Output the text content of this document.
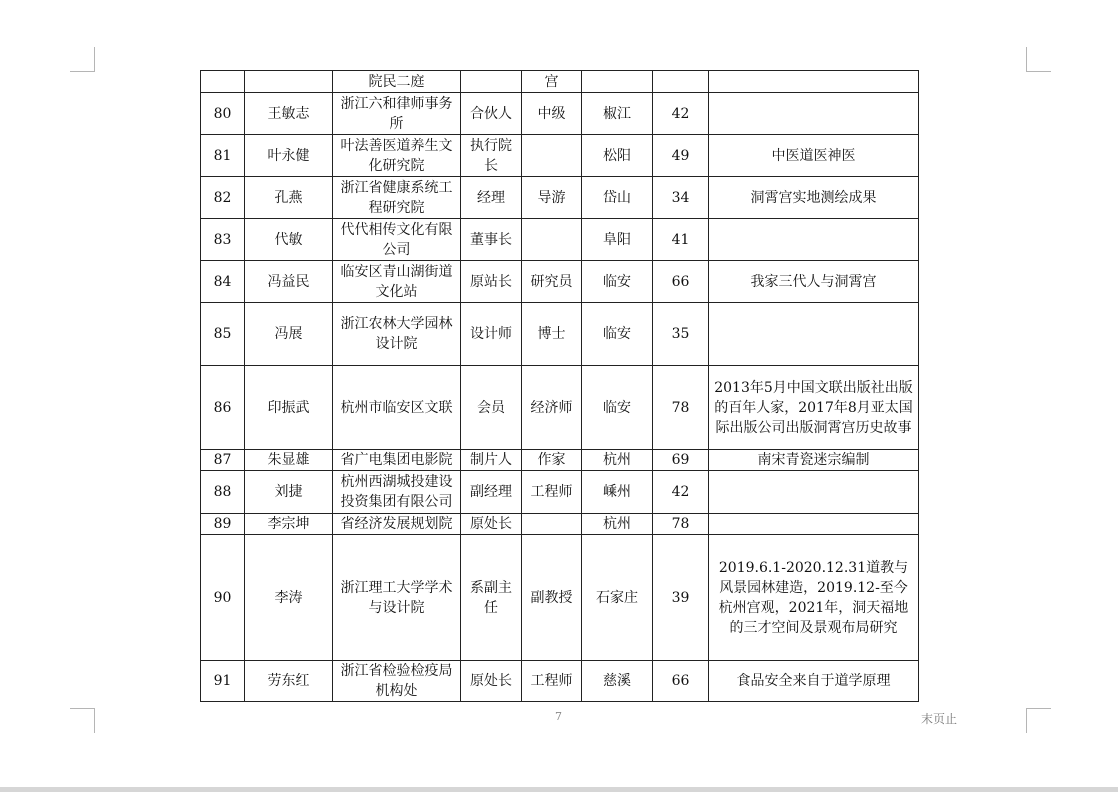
		院民二庭		宫			
80	王敏志	浙江六和律师事务所	合伙人	中级	椒江	42	
81	叶永健	叶法善医道养生文化研究院	执行院长		松阳	49	中医道医神医
82	孔燕	浙江省健康系统工程研究院	经理	导游	岱山	34	洞霄宫实地测绘成果
83	代敏	代代相传文化有限公司	董事长		阜阳	41	
84	冯益民	临安区青山湖街道文化站	原站长	研究员	临安	66	我家三代人与洞霄宫
85	冯展	浙江农林大学园林设计院	设计师	博士	临安	35	
86	印振武	杭州市临安区文联	会员	经济师	临安	78	2013年5月中国文联出版社出版的百年人家，2017年8月亚太国际出版公司出版洞霄宫历史故事
87	朱显雄	省广电集团电影院	制片人	作家	杭州	69	南宋青瓷迷宗编制
88	刘捷	杭州西湖城投建设投资集团有限公司	副经理	工程师	嵊州	42	
89	李宗坤	省经济发展规划院	原处长		杭州	78	
90	李涛	浙江理工大学学术与设计院	系副主任	副教授	石家庄	39	2019.6.1-2020.12.31道教与风景园林建造，2019.12-至今杭州宫观，2021年，洞天福地的三才空间及景观布局研究
91	劳东红	浙江省检验检疫局机构处	原处长	工程师	慈溪	66	食品安全来自于道学原理
7	末页止
